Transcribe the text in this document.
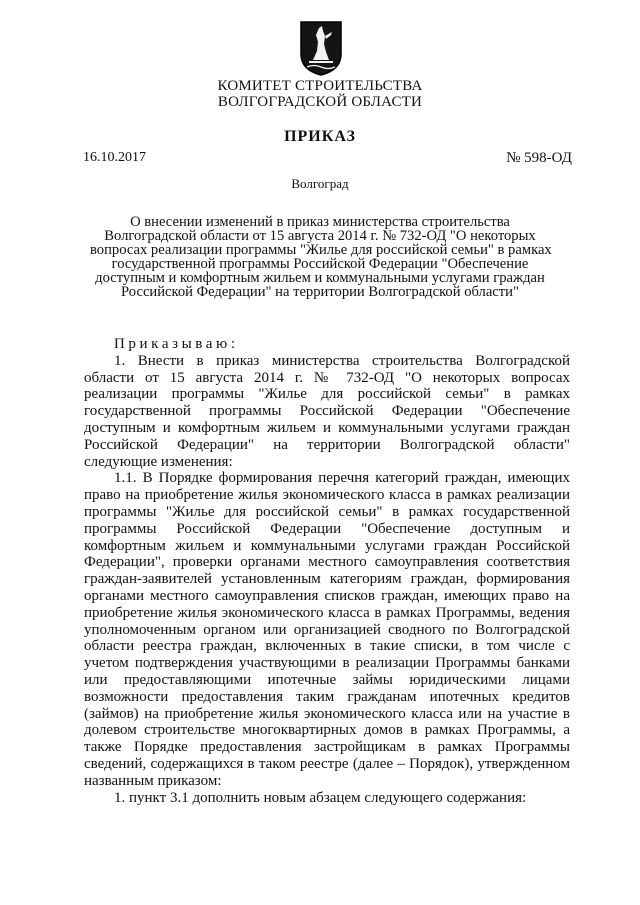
КОМИТЕТ СТРОИТЕЛЬСТВА
ВОЛГОГРАДСКОЙ ОБЛАСТИ
ПРИКАЗ
16.10.2017	№ 598-ОД
Волгоград
О внесении изменений в приказ министерства строительства
Волгоградской области от 15 августа 2014 г. № 732-ОД "О некоторых
вопросах реализации программы "Жилье для российской семьи" в рамках
государственной программы Российской Федерации "Обеспечение
доступным и комфортным жильем и коммунальными услугами граждан
Российской Федерации" на территории Волгоградской области"
Приказываю:
1. Внести в приказ министерства строительства Волгоградской
области от 15 августа 2014 г. № 732-ОД "О некоторых вопросах
реализации программы "Жилье для российской семьи" в рамках
государственной программы Российской Федерации "Обеспечение
доступным и комфортным жильем и коммунальными услугами граждан
Российской Федерации" на территории Волгоградской области"
следующие изменения:
1.1. В Порядке формирования перечня категорий граждан, имеющих
право на приобретение жилья экономического класса в рамках реализации
программы "Жилье для российской семьи" в рамках государственной
программы Российской Федерации "Обеспечение доступным и
комфортным жильем и коммунальными услугами граждан Российской
Федерации", проверки органами местного самоуправления соответствия
граждан-заявителей установленным категориям граждан, формирования
органами местного самоуправления списков граждан, имеющих право на
приобретение жилья экономического класса в рамках Программы, ведения
уполномоченным органом или организацией сводного по Волгоградской
области реестра граждан, включенных в такие списки, в том числе с
учетом подтверждения участвующими в реализации Программы банками
или предоставляющими ипотечные займы юридическими лицами
возможности предоставления таким гражданам ипотечных кредитов
(займов) на приобретение жилья экономического класса или на участие в
долевом строительстве многоквартирных домов в рамках Программы, а
также Порядке предоставления застройщикам в рамках Программы
сведений, содержащихся в таком реестре (далее – Порядок), утвержденном
названным приказом:
1. пункт 3.1 дополнить новым абзацем следующего содержания:
